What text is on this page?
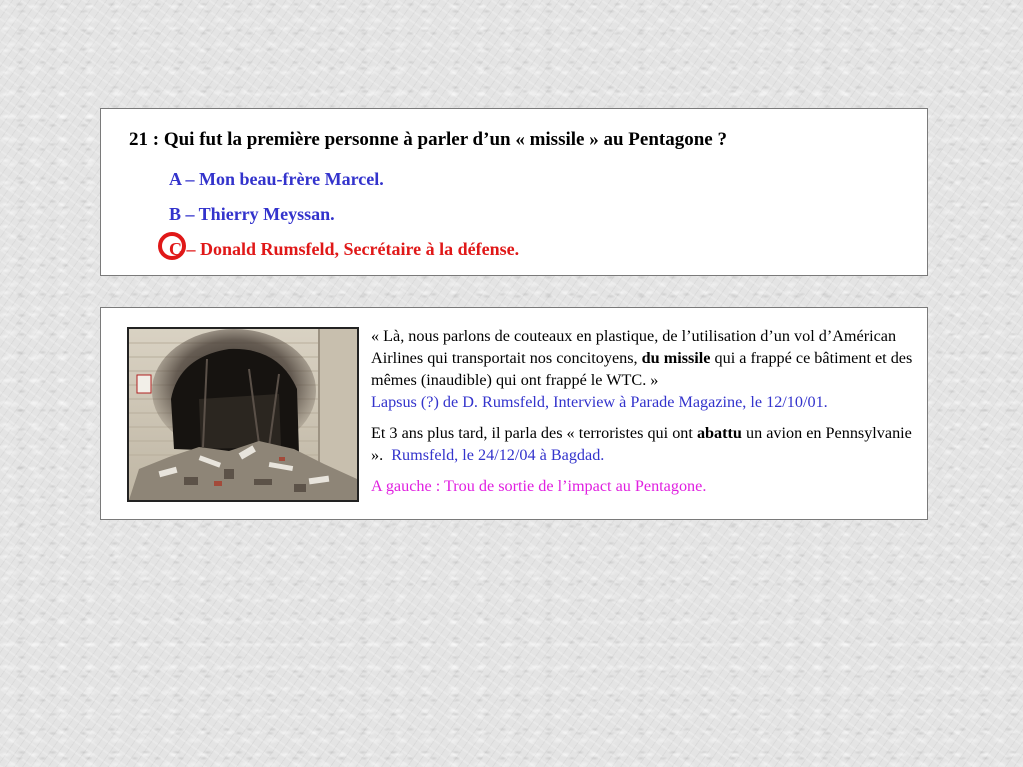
21 : Qui fut la première personne à parler d’un « missile » au Pentagone ?
A – Mon beau-frère Marcel.
B – Thierry Meyssan.
C – Donald Rumsfeld, Secrétaire à la défense.

« Là, nous parlons de couteaux en plastique, de l’utilisation d’un vol d’Américan Airlines qui transportait nos concitoyens, du missile qui a frappé ce bâtiment et des mêmes (inaudible) qui ont frappé le WTC. »
Lapsus (?) de D. Rumsfeld, Interview à Parade Magazine, le 12/10/01.

Et 3 ans plus tard, il parla des « terroristes qui ont abattu un avion en Pennsylvanie ».  Rumsfeld, le 24/12/04 à Bagdad.

A gauche : Trou de sortie de l’impact au Pentagone.
